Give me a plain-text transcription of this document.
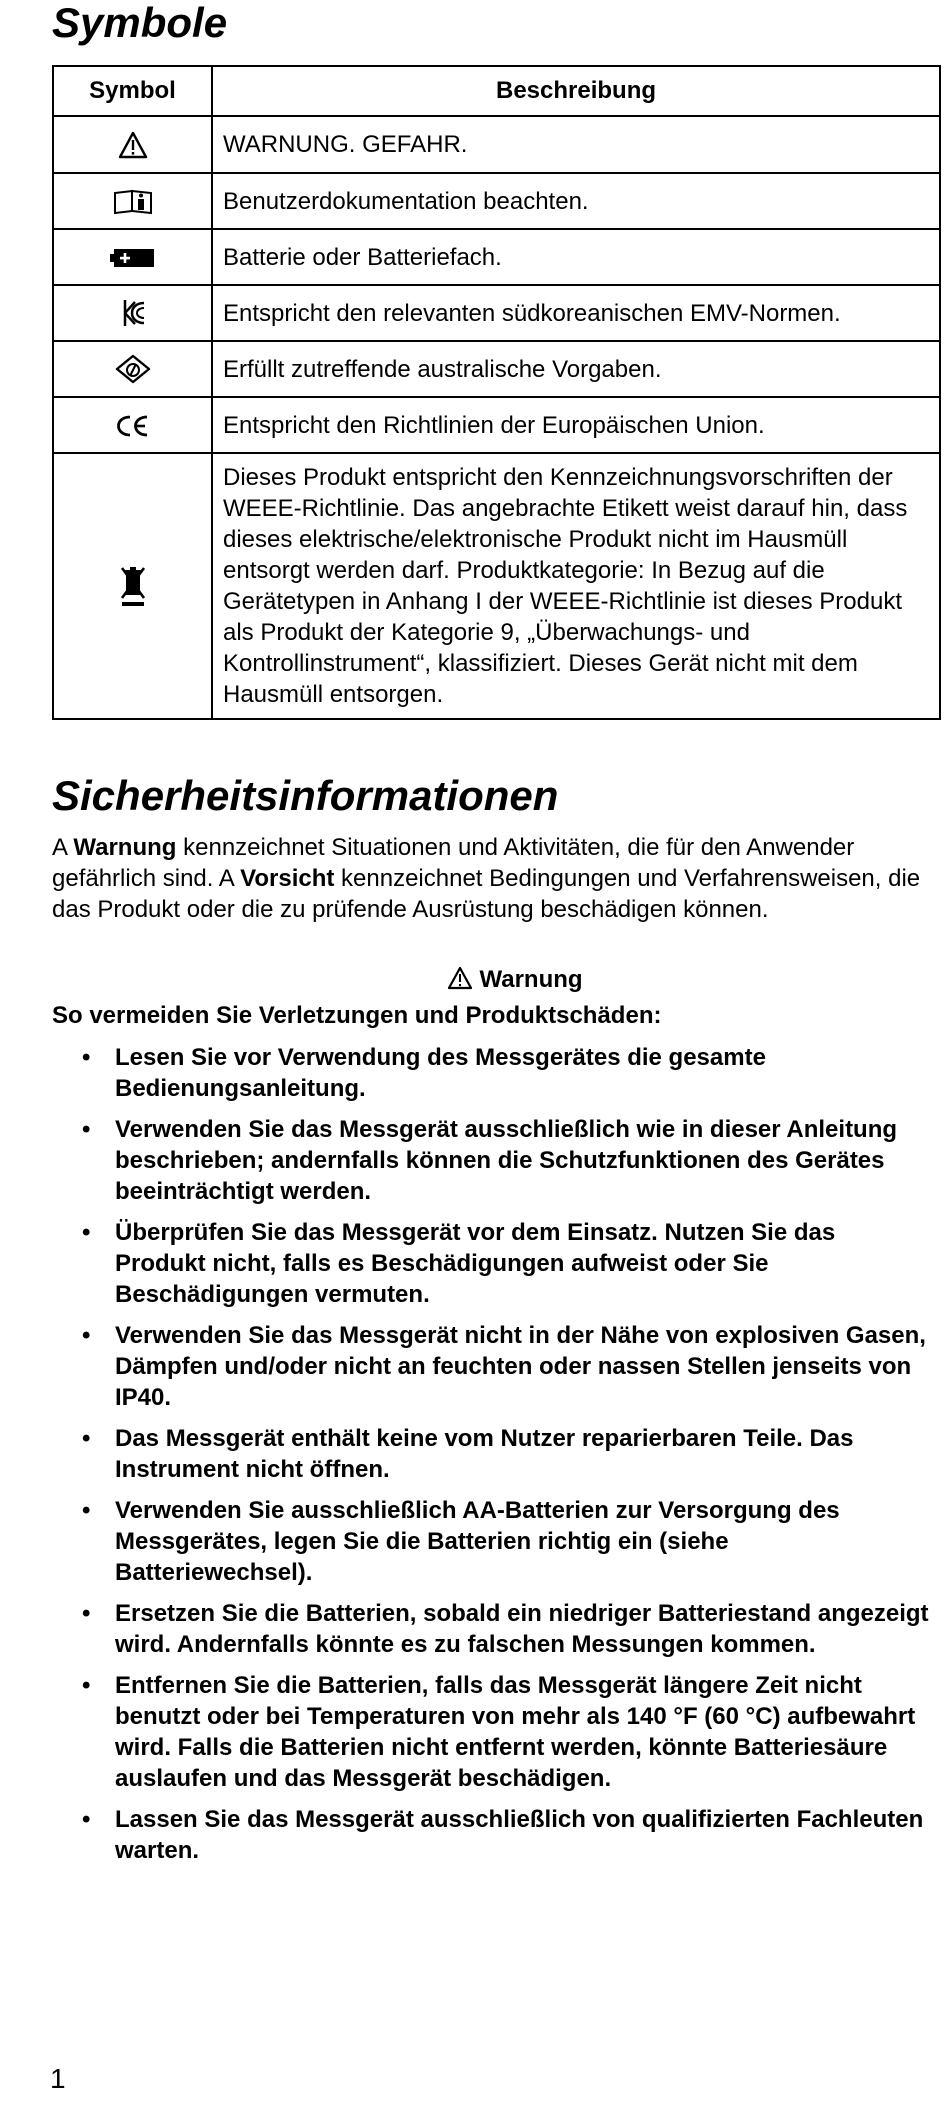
Symbole
Symbol	Beschreibung
	WARNUNG. GEFAHR.
	Benutzerdokumentation beachten.
	Batterie oder Batteriefach.
	Entspricht den relevanten südkoreanischen EMV-Normen.
	Erfüllt zutreffende australische Vorgaben.
	Entspricht den Richtlinien der Europäischen Union.
	Dieses Produkt entspricht den Kennzeichnungsvorschriften der WEEE-Richtlinie. Das angebrachte Etikett weist darauf hin, dass dieses elektrische/elektronische Produkt nicht im Hausmüll entsorgt werden darf. Produktkategorie: In Bezug auf die Gerätetypen in Anhang I der WEEE-Richtlinie ist dieses Produkt als Produkt der Kategorie 9, „Überwachungs- und Kontrollinstrument“, klassifiziert. Dieses Gerät nicht mit dem Hausmüll entsorgen.
Sicherheitsinformationen

A Warnung kennzeichnet Situationen und Aktivitäten, die für den Anwender gefährlich sind. A Vorsicht kennzeichnet Bedingungen und Verfahrensweisen, die das Produkt oder die zu prüfende Ausrüstung beschädigen können.

Warnung
So vermeiden Sie Verletzungen und Produktschäden:
• Lesen Sie vor Verwendung des Messgerätes die gesamte Bedienungsanleitung.
• Verwenden Sie das Messgerät ausschließlich wie in dieser Anleitung beschrieben; andernfalls können die Schutzfunktionen des Gerätes beeinträchtigt werden.
• Überprüfen Sie das Messgerät vor dem Einsatz. Nutzen Sie das Produkt nicht, falls es Beschädigungen aufweist oder Sie Beschädigungen vermuten.
• Verwenden Sie das Messgerät nicht in der Nähe von explosiven Gasen, Dämpfen und/oder nicht an feuchten oder nassen Stellen jenseits von IP40.
• Das Messgerät enthält keine vom Nutzer reparierbaren Teile. Das Instrument nicht öffnen.
• Verwenden Sie ausschließlich AA-Batterien zur Versorgung des Messgerätes, legen Sie die Batterien richtig ein (siehe Batteriewechsel).
• Ersetzen Sie die Batterien, sobald ein niedriger Batteriestand angezeigt wird. Andernfalls könnte es zu falschen Messungen kommen.
• Entfernen Sie die Batterien, falls das Messgerät längere Zeit nicht benutzt oder bei Temperaturen von mehr als 140 °F (60 °C) aufbewahrt wird. Falls die Batterien nicht entfernt werden, könnte Batteriesäure auslaufen und das Messgerät beschädigen.
• Lassen Sie das Messgerät ausschließlich von qualifizierten Fachleuten warten.
1
